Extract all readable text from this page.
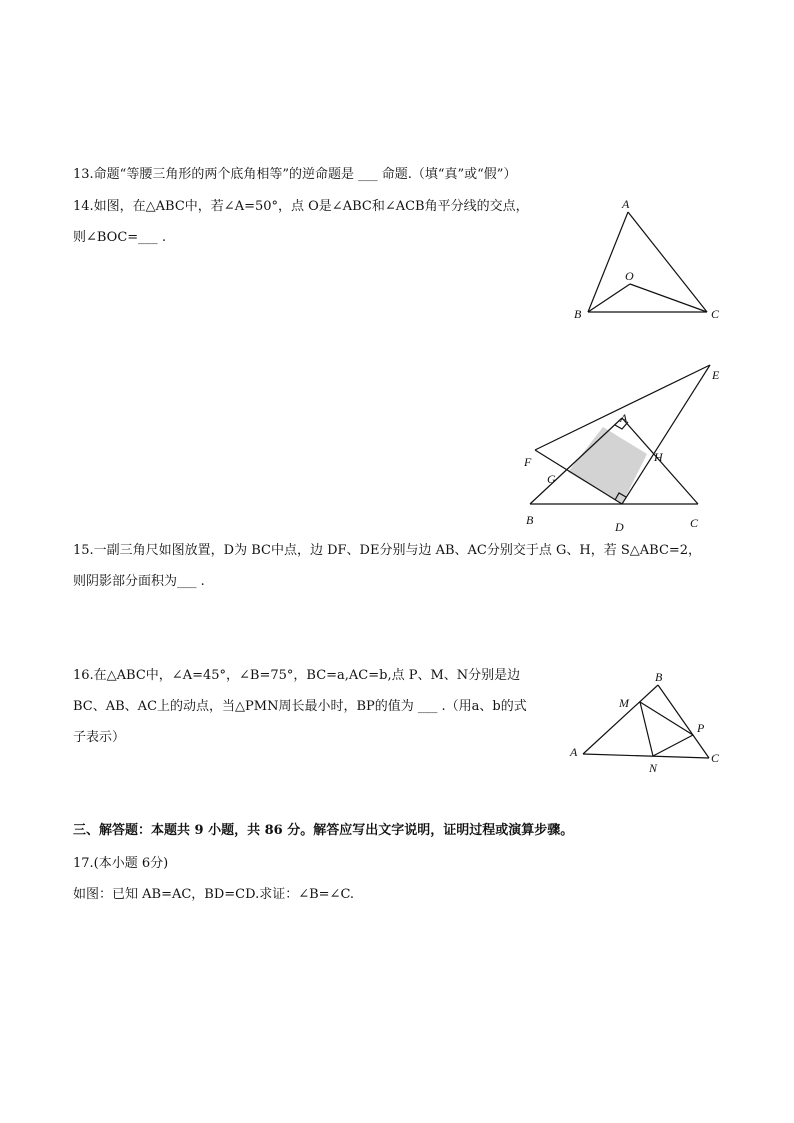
13.命题“等腰三角形的两个底角相等”的逆命题是 ___ 命题.（填“真”或“假”）
14.如图，在△ABC中，若∠A=50°，点 O是∠ABC和∠ACB角平分线的交点，
则∠BOC=___ .
A
B	C
O
E
A
F	H
G
B	D	C
15.一副三角尺如图放置，D为 BC中点，边 DF、DE分别与边 AB、AC分别交于点 G、H，若 S△ABC=2，
则阴影部分面积为___ .
16.在△ABC中，∠A=45°，∠B=75°，BC=a,AC=b,点 P、M、N分别是边
BC、AB、AC上的动点，当△PMN周长最小时，BP的值为 ___ .（用a、b的式
子表示）
B
M
P
A
N
C
三、解答题：本题共 9 小题，共 86 分。解答应写出文字说明，证明过程或演算步骤。
17.(本小题 6分)
如图：已知 AB=AC，BD=CD.求证：∠B=∠C.
